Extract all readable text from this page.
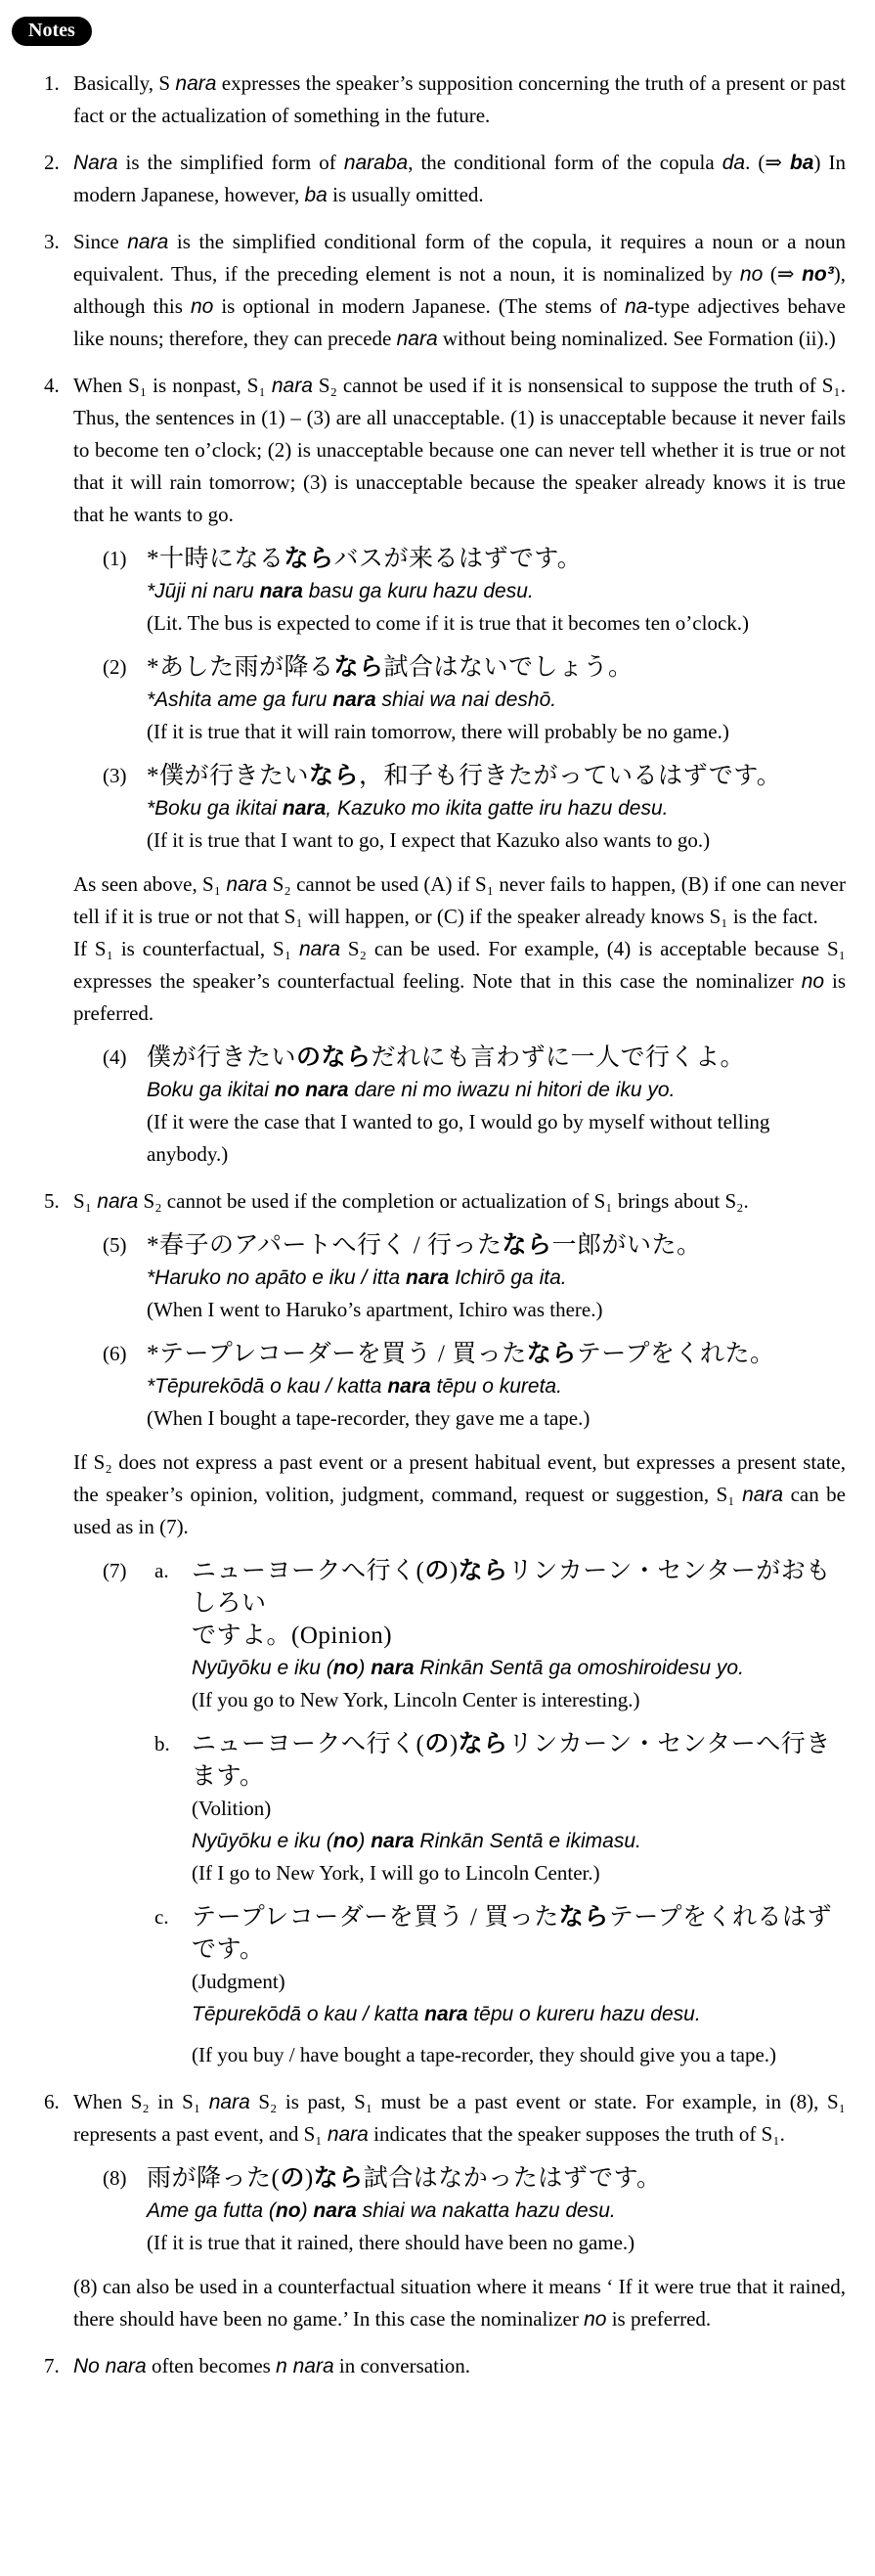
Notes
1. Basically, S nara expresses the speaker’s supposition concerning the truth of a present or past fact or the actualization of something in the future.
2. Nara is the simplified form of naraba, the conditional form of the copula da. (⇒ ba) In modern Japanese, however, ba is usually omitted.
3. Since nara is the simplified conditional form of the copula, it requires a noun or a noun equivalent. Thus, if the preceding element is not a noun, it is nominalized by no (⇒ no³), although this no is optional in modern Japanese. (The stems of na-type adjectives behave like nouns; therefore, they can precede nara without being nominalized. See Formation (ii).)
4. When S₁ is nonpast, S₁ nara S₂ cannot be used if it is nonsensical to suppose the truth of S₁. Thus, the sentences in (1) – (3) are all unacceptable. (1) is unacceptable because it never fails to become ten o’clock; (2) is unacceptable because one can never tell whether it is true or not that it will rain tomorrow; (3) is unacceptable because the speaker already knows it is true that he wants to go.
(1) *十時になるならバスが来るはずです。
*Jūji ni naru nara basu ga kuru hazu desu.
(Lit. The bus is expected to come if it is true that it becomes ten o’clock.)
(2) *あした雨が降るなら試合はないでしょう。
*Ashita ame ga furu nara shiai wa nai deshō.
(If it is true that it will rain tomorrow, there will probably be no game.)
(3) *僕が行きたいなら，和子も行きたがっているはずです。
*Boku ga ikitai nara, Kazuko mo ikita gatte iru hazu desu.
(If it is true that I want to go, I expect that Kazuko also wants to go.)
As seen above, S₁ nara S₂ cannot be used (A) if S₁ never fails to happen, (B) if one can never tell if it is true or not that S₁ will happen, or (C) if the speaker already knows S₁ is the fact.
If S₁ is counterfactual, S₁ nara S₂ can be used. For example, (4) is acceptable because S₁ expresses the speaker’s counterfactual feeling. Note that in this case the nominalizer no is preferred.
(4) 僕が行きたいのならだれにも言わずに一人で行くよ。
Boku ga ikitai no nara dare ni mo iwazu ni hitori de iku yo.
(If it were the case that I wanted to go, I would go by myself without telling anybody.)
5. S₁ nara S₂ cannot be used if the completion or actualization of S₁ brings about S₂.
(5) *春子のアパートへ行く / 行ったなら一郎がいた。
*Haruko no apāto e iku / itta nara Ichirō ga ita.
(When I went to Haruko’s apartment, Ichiro was there.)
(6) *テープレコーダーを買う / 買ったならテープをくれた。
*Tēpurekōdā o kau / katta nara tēpu o kureta.
(When I bought a tape-recorder, they gave me a tape.)
If S₂ does not express a past event or a present habitual event, but expresses a present state, the speaker’s opinion, volition, judgment, command, request or suggestion, S₁ nara can be used as in (7).
(7) a. ニューヨークへ行く(の)ならリンカーン・センターがおもしろい
ですよ。(Opinion)
Nyūyōku e iku (no) nara Rinkān Sentā ga omoshiroidesu yo.
(If you go to New York, Lincoln Center is interesting.)
b. ニューヨークへ行く(の)ならリンカーン・センターへ行きます。
(Volition)
Nyūyōku e iku (no) nara Rinkān Sentā e ikimasu.
(If I go to New York, I will go to Lincoln Center.)
c. テープレコーダーを買う / 買ったならテープをくれるはずです。
(Judgment)
Tēpurekōdā o kau / katta nara tēpu o kureru hazu desu.
(If you buy / have bought a tape-recorder, they should give you a tape.)
6. When S₂ in S₁ nara S₂ is past, S₁ must be a past event or state. For example, in (8), S₁ represents a past event, and S₁ nara indicates that the speaker supposes the truth of S₁.
(8) 雨が降った(の)なら試合はなかったはずです。
Ame ga futta (no) nara shiai wa nakatta hazu desu.
(If it is true that it rained, there should have been no game.)
(8) can also be used in a counterfactual situation where it means ‘ If it were true that it rained, there should have been no game.’ In this case the nominalizer no is preferred.
7. No nara often becomes n nara in conversation.
